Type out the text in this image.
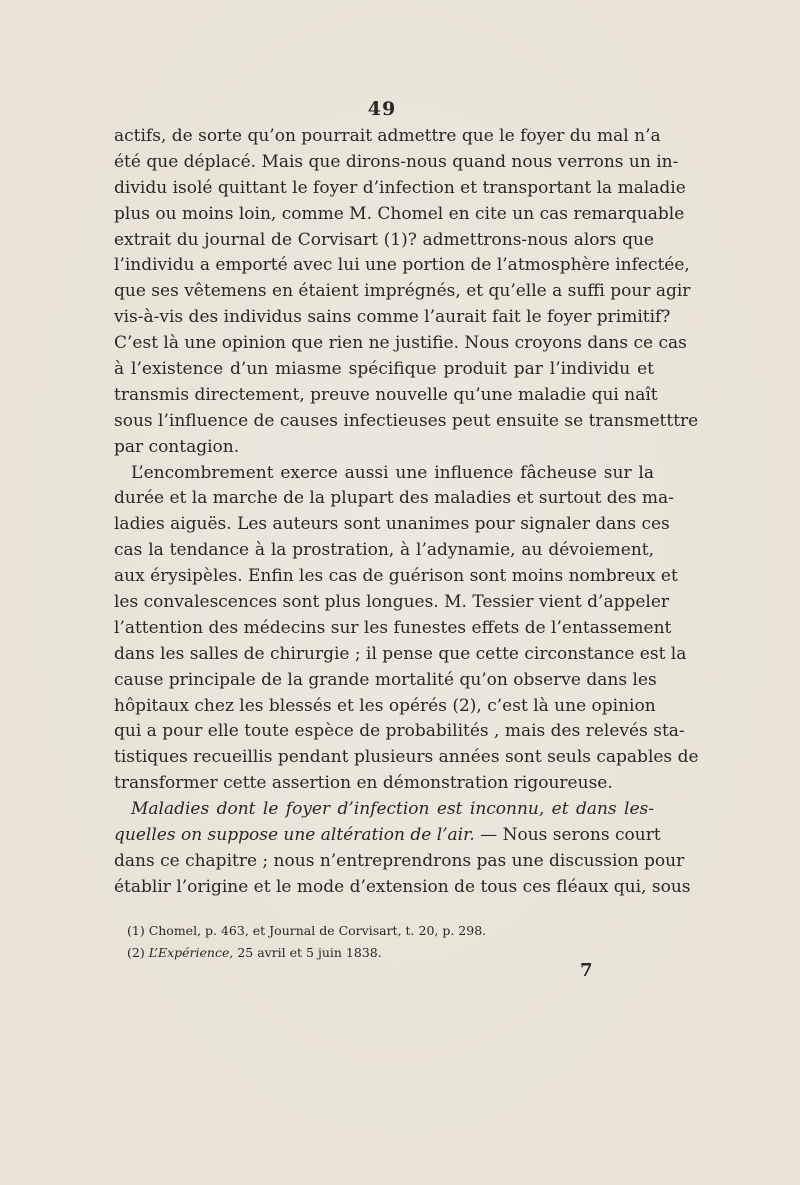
49
actifs, de sorte qu’on pourrait admettre que le foyer du mal n’a
été que déplacé. Mais que dirons-nous quand nous verrons un in-
dividu isolé quittant le foyer d’infection et transportant la maladie
plus ou moins loin, comme M. Chomel en cite un cas remarquable
extrait du journal de Corvisart (1)? admettrons-nous alors que
l’individu a emporté avec lui une portion de l’atmosphère infectée,
que ses vêtemens en étaient imprégnés, et qu’elle a suffi pour agir
vis-à-vis des individus sains comme l’aurait fait le foyer primitif?
C’est là une opinion que rien ne justifie. Nous croyons dans ce cas
à l’existence d’un miasme spécifique produit par l’individu et
transmis directement, preuve nouvelle qu’une maladie qui naît
sous l’influence de causes infectieuses peut ensuite se transmetttre
par contagion.
L’encombrement exerce aussi une influence fâcheuse sur la
durée et la marche de la plupart des maladies et surtout des ma-
ladies aiguës. Les auteurs sont unanimes pour signaler dans ces
cas la tendance à la prostration, à l’adynamie, au dévoiement,
aux érysipèles. Enfin les cas de guérison sont moins nombreux et
les convalescences sont plus longues. M. Tessier vient d’appeler
l’attention des médecins sur les funestes effets de l’entassement
dans les salles de chirurgie ; il pense que cette circonstance est la
cause principale de la grande mortalité qu’on observe dans les
hôpitaux chez les blessés et les opérés (2), c’est là une opinion
qui a pour elle toute espèce de probabilités , mais des relevés sta-
tistiques recueillis pendant plusieurs années sont seuls capables de
transformer cette assertion en démonstration rigoureuse.
Maladies dont le foyer d’infection est inconnu, et dans les-
quelles on suppose une altération de l’air. — Nous serons court
dans ce chapitre ; nous n’entreprendrons pas une discussion pour
établir l’origine et le mode d’extension de tous ces fléaux qui, sous
(1) Chomel, p. 463, et Journal de Corvisart, t. 20, p. 298.
(2) L’Expérience, 25 avril et 5 juin 1838.
7
